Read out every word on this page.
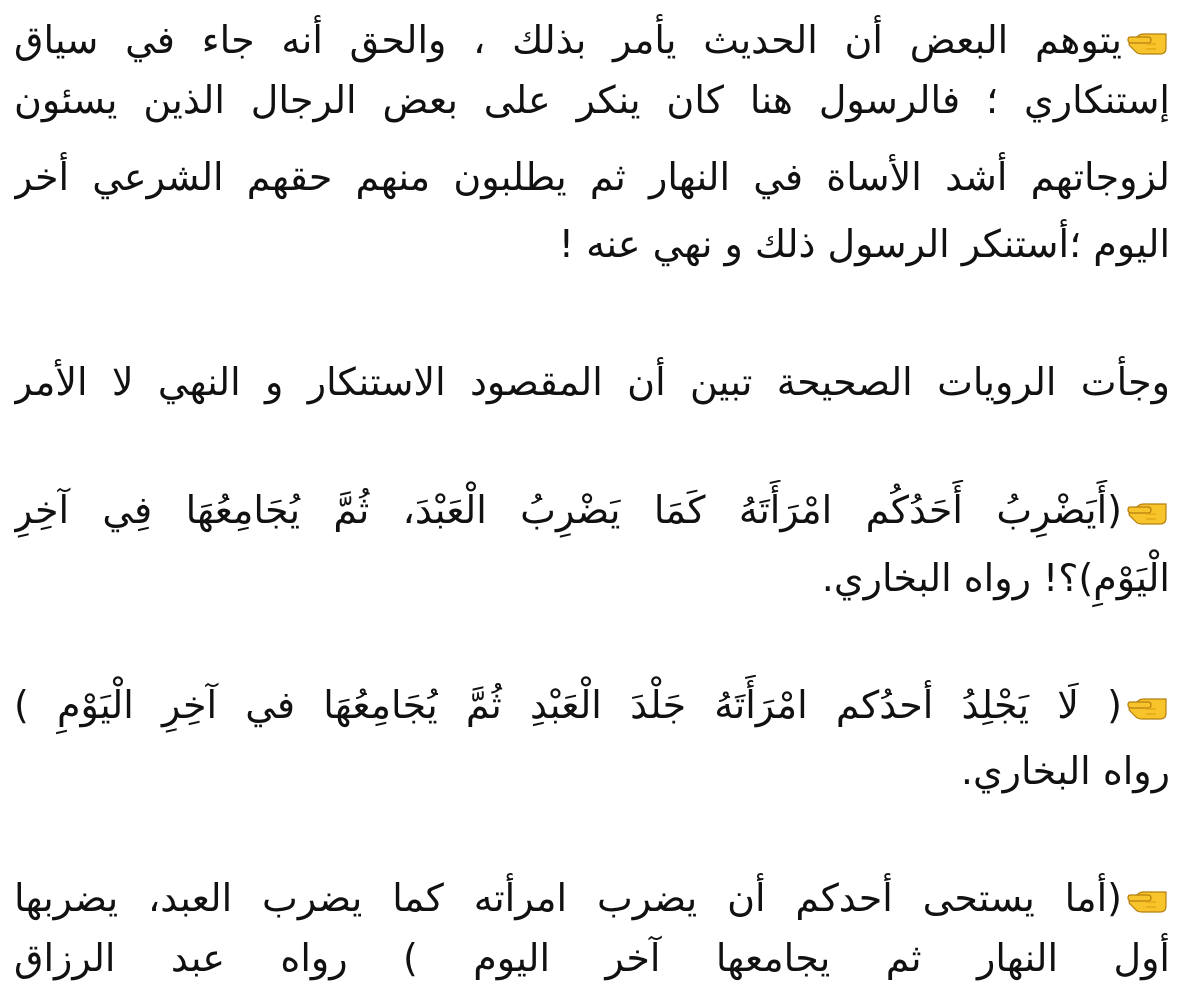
يتوهم البعض أن الحديث يأمر بذلك ، والحق أنه جاء في سياق
إستنكاري ؛ فالرسول هنا كان ينكر على بعض الرجال الذين يسئون
لزوجاتهم أشد الأساة في النهار ثم يطلبون منهم حقهم الشرعي أخر
اليوم ؛أستنكر الرسول ذلك و نهي عنه !
وجأت الرويات الصحيحة تبين أن المقصود الاستنكار و النهي لا الأمر
(أَيَضْرِبُ أَحَدُكُم امْرَأَتَهُ كَمَا يَضْرِبُ الْعَبْدَ، ثُمَّ يُجَامِعُهَا فِي آخِرِ
الْيَوْمِ)؟! رواه البخاري.
( لَا يَجْلِدُ أحدُكم امْرَأَتَهُ جَلْدَ الْعَبْدِ ثُمَّ يُجَامِعُهَا في آخِرِ الْيَوْمِ )
رواه البخاري.
(أما يستحى أحدكم أن يضرب امرأته كما يضرب العبد، يضربها
أول النهار ثم يجامعها آخر اليوم ) رواه عبد الرزاق
